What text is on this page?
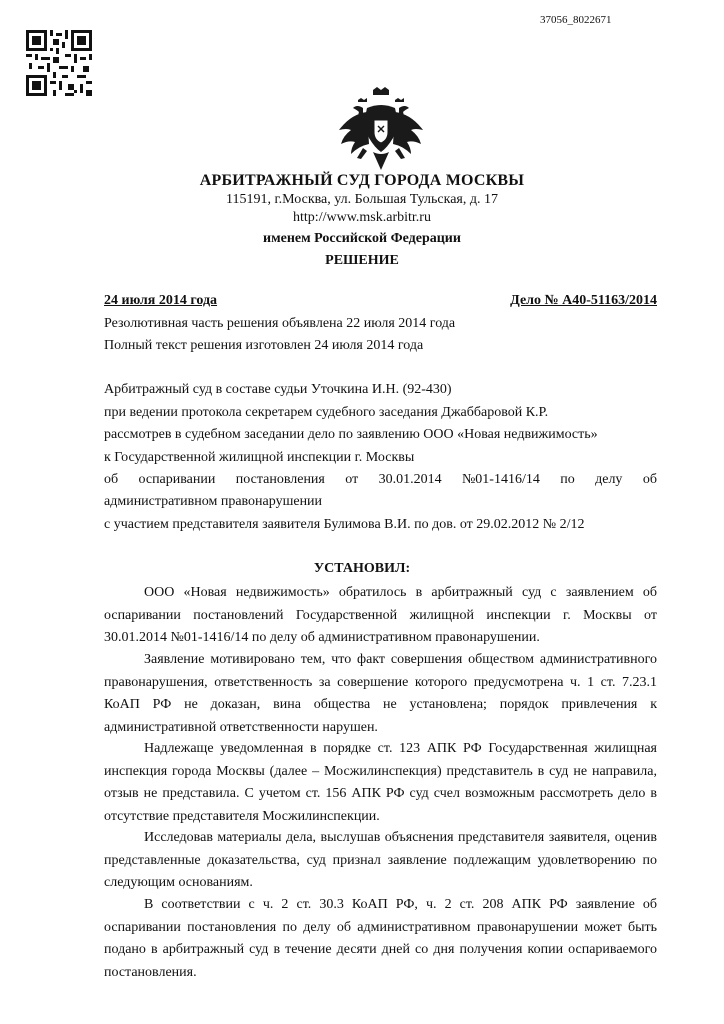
37056_8022671
АРБИТРАЖНЫЙ СУД ГОРОДА МОСКВЫ
115191, г.Москва, ул. Большая Тульская, д. 17
http://www.msk.arbitr.ru
именем Российской Федерации
РЕШЕНИЕ
24 июля 2014 года	Дело № А40-51163/2014
Резолютивная часть решения объявлена 22 июля 2014 года
Полный текст решения изготовлен 24 июля 2014 года
Арбитражный суд в составе судьи Уточкина И.Н. (92-430)
при ведении протокола секретарем судебного заседания Джаббаровой К.Р.
рассмотрев в судебном заседании дело по заявлению ООО «Новая недвижимость»
к Государственной жилищной инспекции г. Москвы
об оспаривании постановления от 30.01.2014 №01-1416/14 по делу об
административном правонарушении
с участием представителя заявителя Булимова В.И. по дов. от 29.02.2012 № 2/12
УСТАНОВИЛ:
ООО «Новая недвижимость» обратилось в арбитражный суд с заявлением об оспаривании постановлений Государственной жилищной инспекции г. Москвы от 30.01.2014 №01-1416/14 по делу об административном правонарушении.
Заявление мотивировано тем, что факт совершения обществом административного правонарушения, ответственность за совершение которого предусмотрена ч. 1 ст. 7.23.1 КоАП РФ не доказан, вина общества не установлена; порядок привлечения к административной ответственности нарушен.
Надлежаще уведомленная в порядке ст. 123 АПК РФ Государственная жилищная инспекция города Москвы (далее – Мосжилинспекция) представитель в суд не направила, отзыв не представила. С учетом ст. 156 АПК РФ суд счел возможным рассмотреть дело в отсутствие представителя Мосжилинспекции.
Исследовав материалы дела, выслушав объяснения представителя заявителя, оценив представленные доказательства, суд признал заявление подлежащим удовлетворению по следующим основаниям.
В соответствии с ч. 2 ст. 30.3 КоАП РФ, ч. 2 ст. 208 АПК РФ заявление об оспаривании постановления по делу об административном правонарушении может быть подано в арбитражный суд в течение десяти дней со дня получения копии оспариваемого постановления.
